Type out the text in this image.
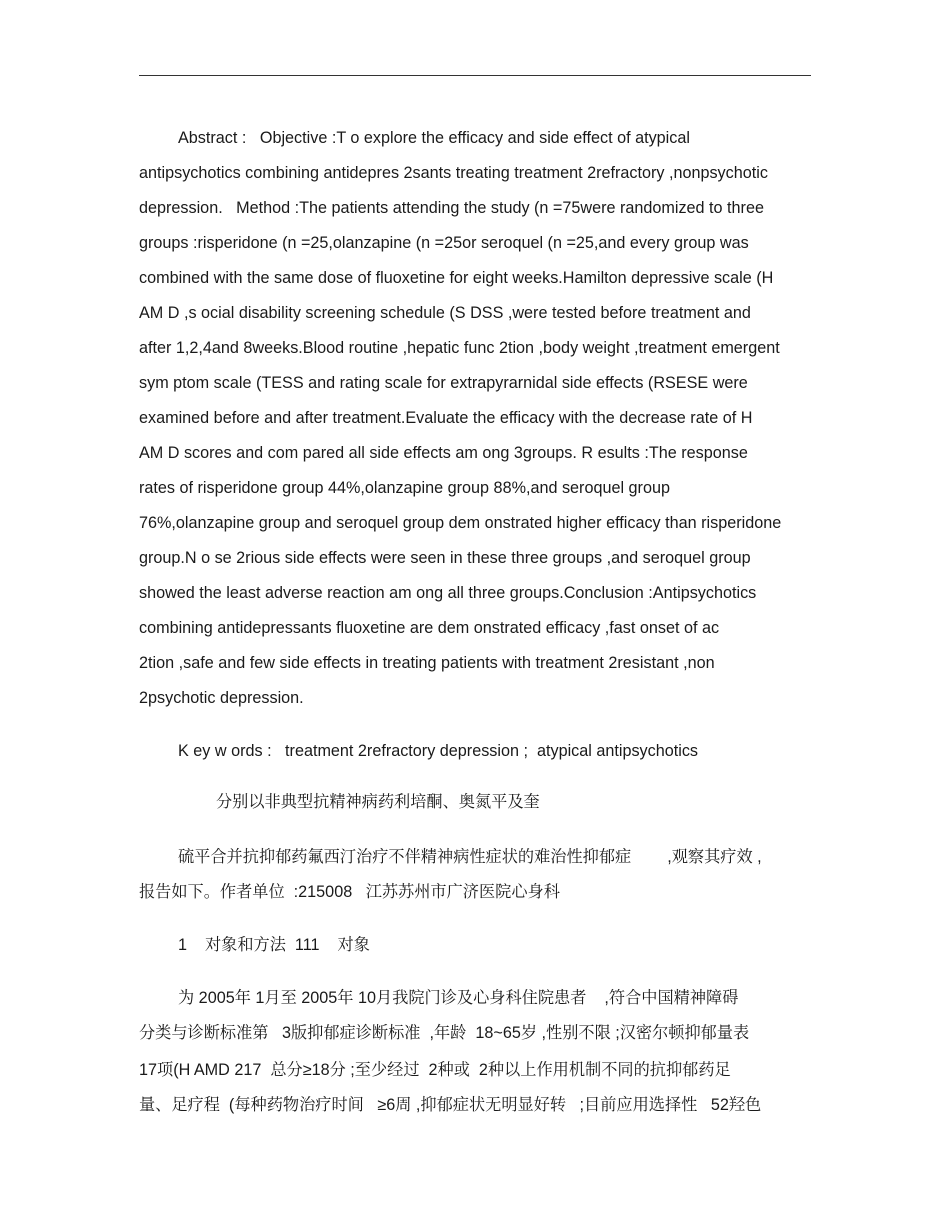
Abstract :   Objective :T o explore the efficacy and side effect of atypical
antipsychotics combining antidepres 2sants treating treatment 2refractory ,nonpsychotic
depression.   Method :The patients attending the study (n =75were randomized to three
groups :risperidone (n =25,olanzapine (n =25or seroquel (n =25,and every group was
combined with the same dose of fluoxetine for eight weeks.Hamilton depressive scale (H
AM D ,s ocial disability screening schedule (S DSS ,were tested before treatment and
after 1,2,4and 8weeks.Blood routine ,hepatic func 2tion ,body weight ,treatment emergent
sym ptom scale (TESS and rating scale for extrapyrarnidal side effects (RSESE were
examined before and after treatment.Evaluate the efficacy with the decrease rate of H
AM D scores and com pared all side effects am ong 3groups. R esults :The response
rates of risperidone group 44%,olanzapine group 88%,and seroquel group
76%,olanzapine group and seroquel group dem onstrated higher efficacy than risperidone
group.N o se 2rious side effects were seen in these three groups ,and seroquel group
showed the least adverse reaction am ong all three groups.Conclusion :Antipsychotics
combining antidepressants fluoxetine are dem onstrated efficacy ,fast onset of ac
2tion ,safe and few side effects in treating patients with treatment 2resistant ,non
2psychotic depression.
K ey w ords :   treatment 2refractory depression ;  atypical antipsychotics
分别以非典型抗精神病药利培酮、奥氮平及奎
硫平合并抗抑郁药氟西汀治疗不伴精神病性症状的难治性抑郁症        ,观察其疗效 ,
报告如下。作者单位  :215008   江苏苏州市广济医院心身科
1    对象和方法  111    对象
为 2005年 1月至 2005年 10月我院门诊及心身科住院患者    ,符合中国精神障碍
分类与诊断标准第   3版抑郁症诊断标准  ,年龄  18~65岁 ,性别不限 ;汉密尔顿抑郁量表
17项(H AMD 217  总分≥18分 ;至少经过  2种或  2种以上作用机制不同的抗抑郁药足
量、足疗程  (每种药物治疗时间   ≥6周 ,抑郁症状无明显好转   ;目前应用选择性   52羟色
